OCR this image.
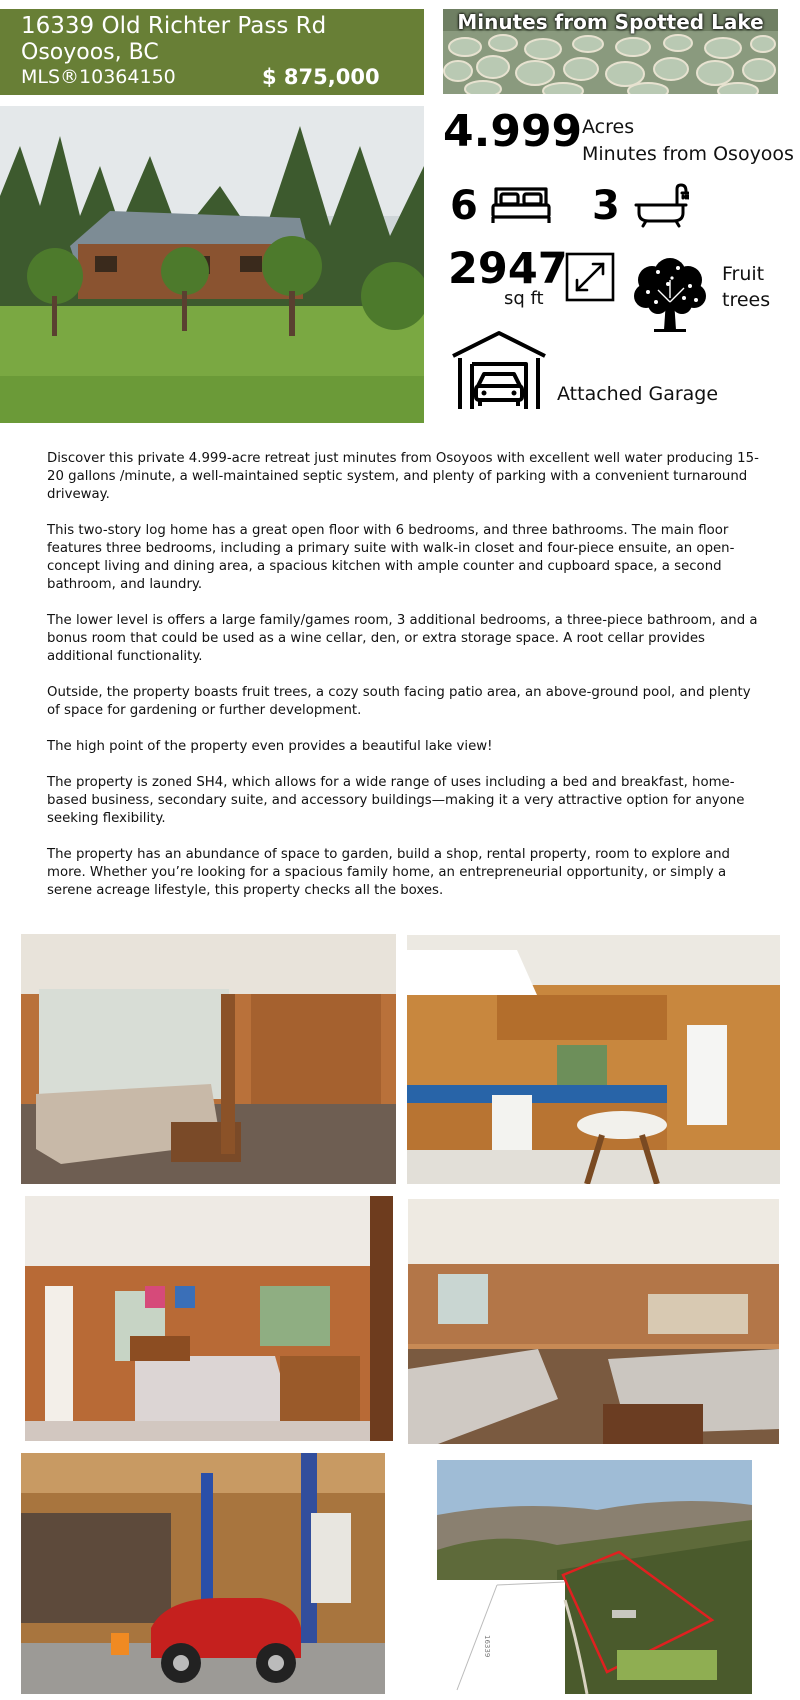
16339 Old Richter Pass Rd
Osoyoos, BC
MLS®10364150	$ 875,000
Minutes from Spotted Lake
4.999 Acres
Minutes from Osoyoos
6	3
2947
sq ft
Fruit
trees
Attached Garage

Discover this private 4.999-acre retreat just minutes from Osoyoos with excellent well water producing 15-20 gallons /minute, a well-maintained septic system, and plenty of parking with a convenient turnaround driveway.

This two-story log home has a great open floor with 6 bedrooms, and three bathrooms. The main floor features three bedrooms, including a primary suite with walk-in closet and four-piece ensuite, an open-concept living and dining area, a spacious kitchen with ample counter and cupboard space, a second bathroom, and laundry.

The lower level is offers a large family/games room, 3 additional bedrooms, a three-piece bathroom, and a bonus room that could be used as a wine cellar, den, or extra storage space. A root cellar provides additional functionality.

Outside, the property boasts fruit trees, a cozy south facing patio area, an above-ground pool, and plenty of space for gardening or further development.

The high point of the property even provides a beautiful lake view!

The property is zoned SH4, which allows for a wide range of uses including a bed and breakfast, home-based business, secondary suite, and accessory buildings—making it a very attractive option for anyone seeking flexibility.

The property has an abundance of space to garden, build a shop, rental property, room to explore and more. Whether you’re looking for a spacious family home, an entrepreneurial opportunity, or simply a serene acreage lifestyle, this property checks all the boxes.

16339
